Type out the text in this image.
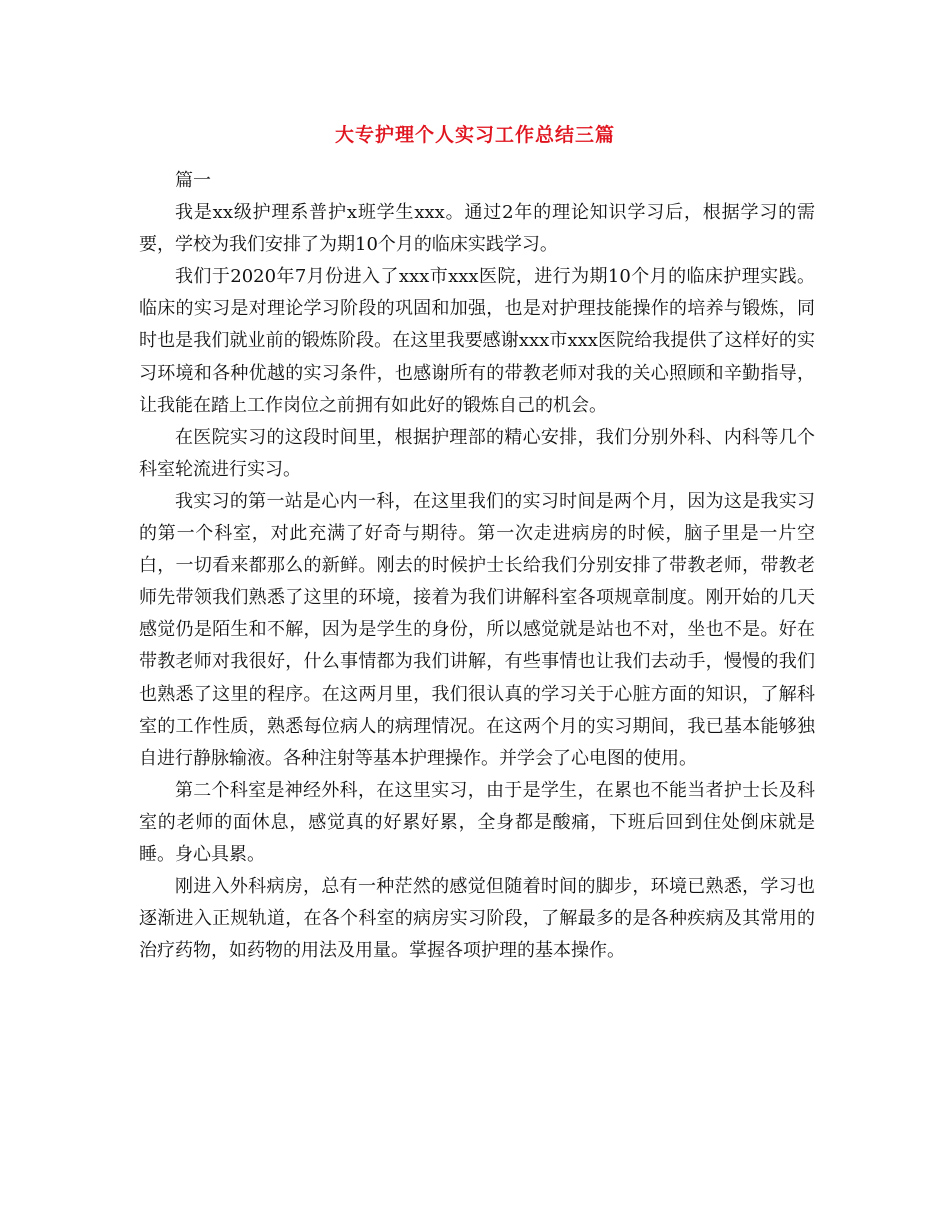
大专护理个人实习工作总结三篇

篇一

我是xx级护理系普护x班学生xxx。通过2年的理论知识学习后，根据学习的需要，学校为我们安排了为期10个月的临床实践学习。

我们于2020年7月份进入了xxx市xxx医院，进行为期10个月的临床护理实践。临床的实习是对理论学习阶段的巩固和加强，也是对护理技能操作的培养与锻炼，同时也是我们就业前的锻炼阶段。在这里我要感谢xxx市xxx医院给我提供了这样好的实习环境和各种优越的实习条件，也感谢所有的带教老师对我的关心照顾和辛勤指导，让我能在踏上工作岗位之前拥有如此好的锻炼自己的机会。

在医院实习的这段时间里，根据护理部的精心安排，我们分别外科、内科等几个科室轮流进行实习。

我实习的第一站是心内一科，在这里我们的实习时间是两个月，因为这是我实习的第一个科室，对此充满了好奇与期待。第一次走进病房的时候，脑子里是一片空白，一切看来都那么的新鲜。刚去的时候护士长给我们分别安排了带教老师，带教老师先带领我们熟悉了这里的环境，接着为我们讲解科室各项规章制度。刚开始的几天感觉仍是陌生和不解，因为是学生的身份，所以感觉就是站也不对，坐也不是。好在带教老师对我很好，什么事情都为我们讲解，有些事情也让我们去动手，慢慢的我们也熟悉了这里的程序。在这两月里，我们很认真的学习关于心脏方面的知识，了解科室的工作性质，熟悉每位病人的病理情况。在这两个月的实习期间，我已基本能够独自进行静脉输液。各种注射等基本护理操作。并学会了心电图的使用。

第二个科室是神经外科，在这里实习，由于是学生，在累也不能当者护士长及科室的老师的面休息，感觉真的好累好累，全身都是酸痛，下班后回到住处倒床就是睡。身心具累。

刚进入外科病房，总有一种茫然的感觉但随着时间的脚步，环境已熟悉，学习也逐渐进入正规轨道，在各个科室的病房实习阶段，了解最多的是各种疾病及其常用的治疗药物，如药物的用法及用量。掌握各项护理的基本操作。
